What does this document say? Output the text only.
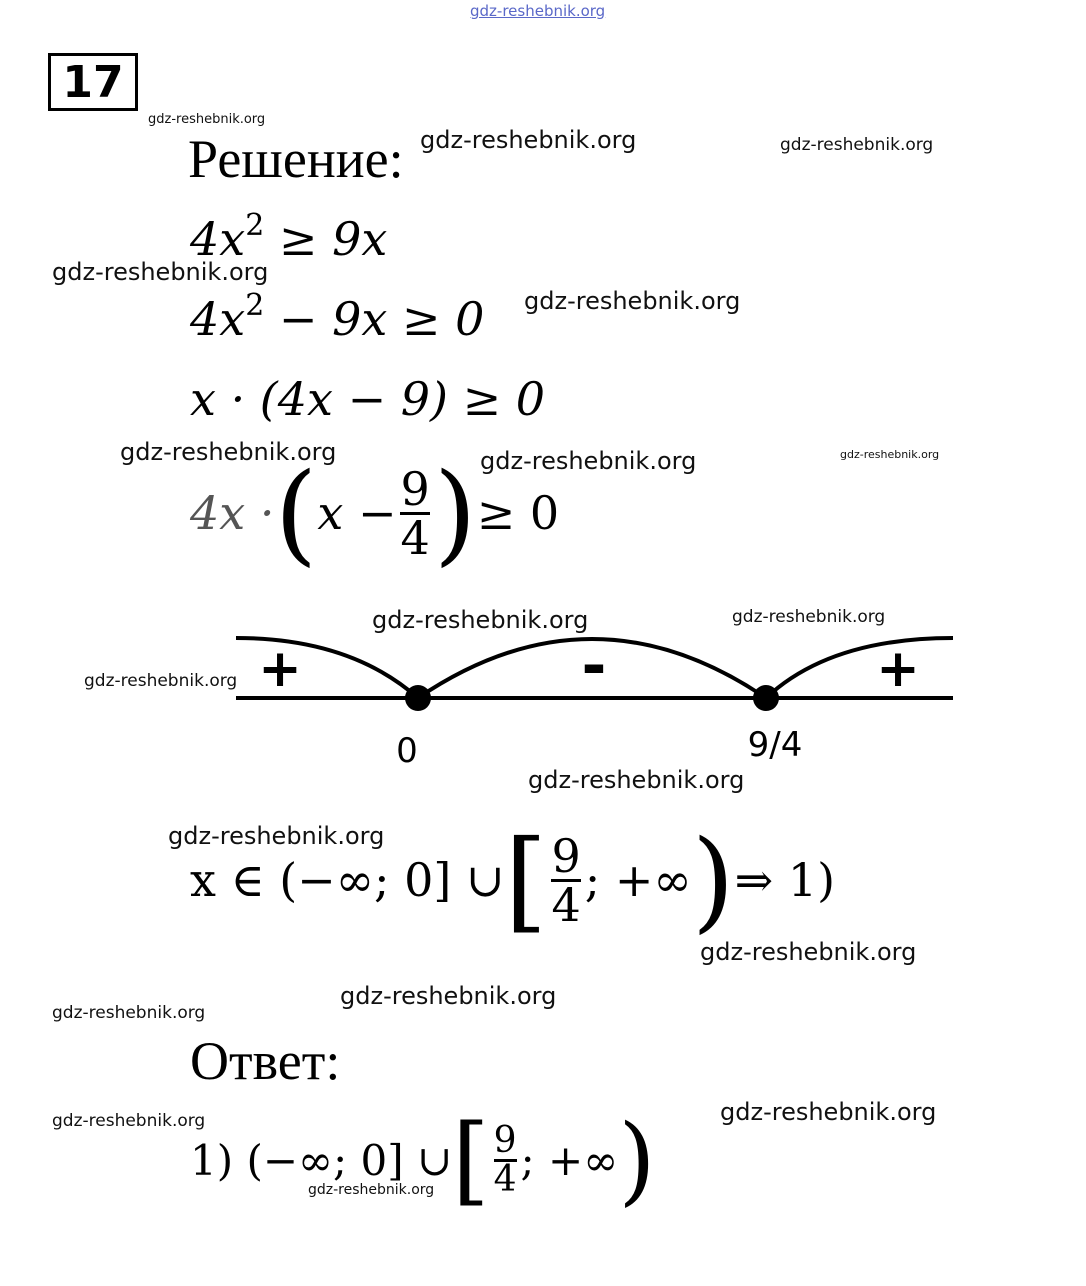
gdz-reshebnik.org
gdz-reshebnik.org
gdz-reshebnik.org	gdz-reshebnik.org
gdz-reshebnik.org
gdz-reshebnik.org
gdz-reshebnik.org	gdz-reshebnik.org	gdz-reshebnik.org
gdz-reshebnik.org	gdz-reshebnik.org
gdz-reshebnik.org
gdz-reshebnik.org
gdz-reshebnik.org
gdz-reshebnik.org
gdz-reshebnik.org
gdz-reshebnik.org
gdz-reshebnik.org	gdz-reshebnik.org
gdz-reshebnik.org
17
Решение:
$4x^2 \ge 9x$
$4x^2 - 9x \ge 0$
x · (4x − 9) ≥ 0
4x · ( $x - \frac{9}{4}$ ) ≥ 0
+	-	+
0	9/4
x ∈ (−∞; 0] ∪ [ $\frac{9}{4}$ ; +∞ ) ⇒ 1)
Ответ:
1) (−∞; 0] ∪ [ $\frac{9}{4}$ ; +∞ )
